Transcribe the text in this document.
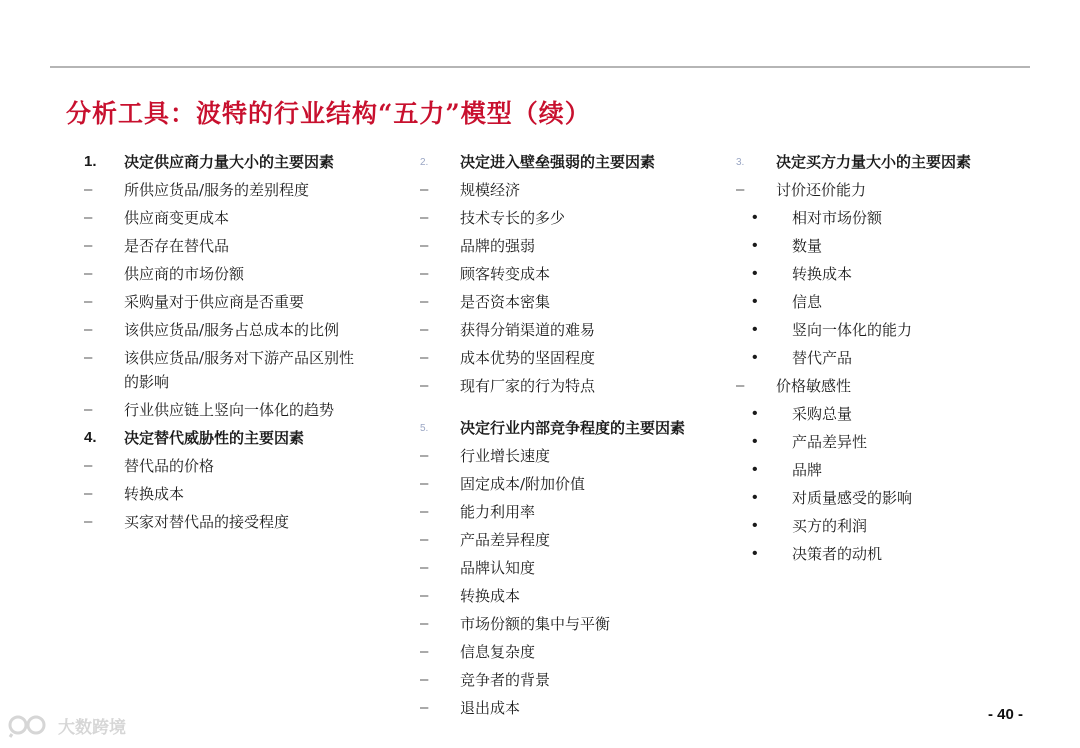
分析工具：波特的行业结构“五力”模型（续）
1.	决定供应商力量大小的主要因素
–	所供应货品/服务的差别程度
–	供应商变更成本
–	是否存在替代品
–	供应商的市场份额
–	采购量对于供应商是否重要
–	该供应货品/服务占总成本的比例
–	该供应货品/服务对下游产品区别性的影响
–	行业供应链上竖向一体化的趋势
4.	决定替代威胁性的主要因素
–	替代品的价格
–	转换成本
–	买家对替代品的接受程度
2.	决定进入壁垒强弱的主要因素
–	规模经济
–	技术专长的多少
–	品牌的强弱
–	顾客转变成本
–	是否资本密集
–	获得分销渠道的难易
–	成本优势的坚固程度
–	现有厂家的行为特点
5.	决定行业内部竞争程度的主要因素
–	行业增长速度
–	固定成本/附加价值
–	能力利用率
–	产品差异程度
–	品牌认知度
–	转换成本
–	市场份额的集中与平衡
–	信息复杂度
–	竞争者的背景
–	退出成本
3.	决定买方力量大小的主要因素
–	讨价还价能力
•	相对市场份额
•	数量
•	转换成本
•	信息
•	竖向一体化的能力
•	替代产品
–	价格敏感性
•	采购总量
•	产品差异性
•	品牌
•	对质量感受的影响
•	买方的利润
•	决策者的动机
- 40 -
大数跨境
